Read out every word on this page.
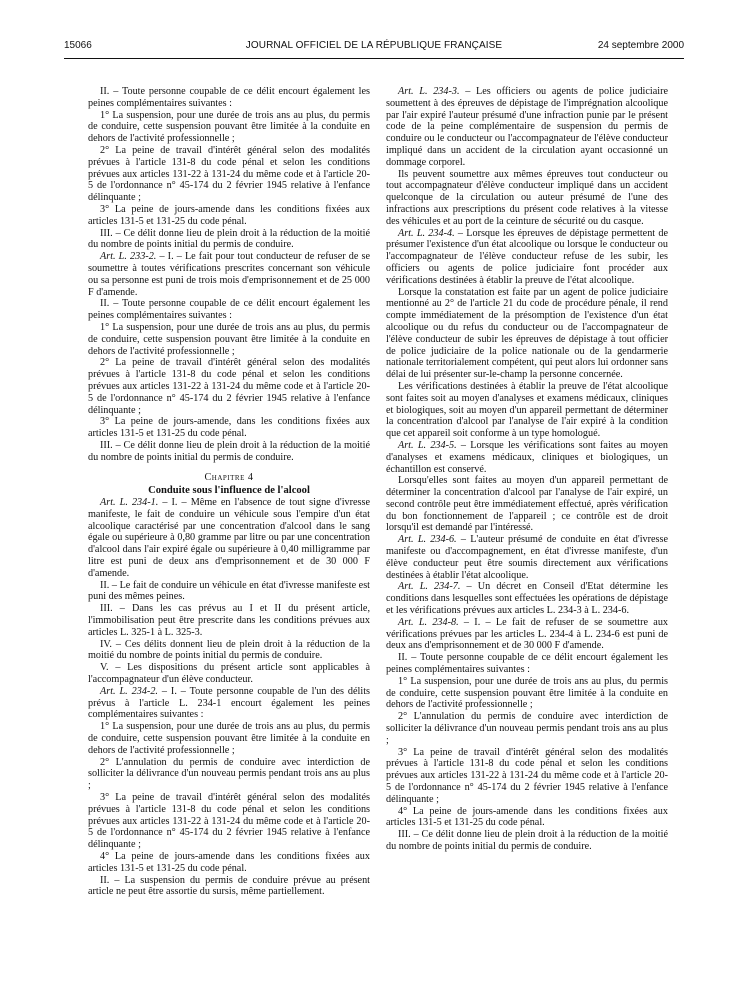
15066	JOURNAL OFFICIEL DE LA RÉPUBLIQUE FRANÇAISE	24 septembre 2000

II. – Toute personne coupable de ce délit encourt également les peines complémentaires suivantes :

1° La suspension, pour une durée de trois ans au plus, du permis de conduire, cette suspension pouvant être limitée à la conduite en dehors de l'activité professionnelle ;

2° La peine de travail d'intérêt général selon des modalités prévues à l'article 131-8 du code pénal et selon les conditions prévues aux articles 131-22 à 131-24 du même code et à l'article 20-5 de l'ordonnance n° 45-174 du 2 février 1945 relative à l'enfance délinquante ;

3° La peine de jours-amende dans les conditions fixées aux articles 131-5 et 131-25 du code pénal.

III. – Ce délit donne lieu de plein droit à la réduction de la moitié du nombre de points initial du permis de conduire.

Art. L. 233-2. – I. – Le fait pour tout conducteur de refuser de se soumettre à toutes vérifications prescrites concernant son véhicule ou sa personne est puni de trois mois d'emprisonnement et de 25 000 F d'amende.

II. – Toute personne coupable de ce délit encourt également les peines complémentaires suivantes :

1° La suspension, pour une durée de trois ans au plus, du permis de conduire, cette suspension pouvant être limitée à la conduite en dehors de l'activité professionnelle ;

2° La peine de travail d'intérêt général selon des modalités prévues à l'article 131-8 du code pénal et selon les conditions prévues aux articles 131-22 à 131-24 du même code et à l'article 20-5 de l'ordonnance n° 45-174 du 2 février 1945 relative à l'enfance délinquante ;

3° La peine de jours-amende, dans les conditions fixées aux articles 131-5 et 131-25 du code pénal.

III. – Ce délit donne lieu de plein droit à la réduction de la moitié du nombre de points initial du permis de conduire.

Chapitre 4

Conduite sous l'influence de l'alcool

Art. L. 234-1. – I. – Même en l'absence de tout signe d'ivresse manifeste, le fait de conduire un véhicule sous l'empire d'un état alcoolique caractérisé par une concentration d'alcool dans le sang égale ou supérieure à 0,80 gramme par litre ou par une concentration d'alcool dans l'air expiré égale ou supérieure à 0,40 milligramme par litre est puni de deux ans d'emprisonnement et de 30 000 F d'amende.

II. – Le fait de conduire un véhicule en état d'ivresse manifeste est puni des mêmes peines.

III. – Dans les cas prévus au I et II du présent article, l'immobilisation peut être prescrite dans les conditions prévues aux articles L. 325-1 à L. 325-3.

IV. – Ces délits donnent lieu de plein droit à la réduction de la moitié du nombre de points initial du permis de conduire.

V. – Les dispositions du présent article sont applicables à l'accompagnateur d'un élève conducteur.

Art. L. 234-2. – I. – Toute personne coupable de l'un des délits prévus à l'article L. 234-1 encourt également les peines complémentaires suivantes :

1° La suspension, pour une durée de trois ans au plus, du permis de conduire, cette suspension pouvant être limitée à la conduite en dehors de l'activité professionnelle ;

2° L'annulation du permis de conduire avec interdiction de solliciter la délivrance d'un nouveau permis pendant trois ans au plus ;

3° La peine de travail d'intérêt général selon des modalités prévues à l'article 131-8 du code pénal et selon les conditions prévues aux articles 131-22 à 131-24 du même code et à l'article 20-5 de l'ordonnance n° 45-174 du 2 février 1945 relative à l'enfance délinquante ;

4° La peine de jours-amende dans les conditions fixées aux articles 131-5 et 131-25 du code pénal.

II. – La suspension du permis de conduire prévue au présent article ne peut être assortie du sursis, même partiellement.

Art. L. 234-3. – Les officiers ou agents de police judiciaire soumettent à des épreuves de dépistage de l'imprégnation alcoolique par l'air expiré l'auteur présumé d'une infraction punie par le présent code de la peine complémentaire de suspension du permis de conduire ou le conducteur ou l'accompagnateur de l'élève conducteur impliqué dans un accident de la circulation ayant occasionné un dommage corporel.

Ils peuvent soumettre aux mêmes épreuves tout conducteur ou tout accompagnateur d'élève conducteur impliqué dans un accident quelconque de la circulation ou auteur présumé de l'une des infractions aux prescriptions du présent code relatives à la vitesse des véhicules et au port de la ceinture de sécurité ou du casque.

Art. L. 234-4. – Lorsque les épreuves de dépistage permettent de présumer l'existence d'un état alcoolique ou lorsque le conducteur ou l'accompagnateur de l'élève conducteur refuse de les subir, les officiers ou agents de police judiciaire font procéder aux vérifications destinées à établir la preuve de l'état alcoolique.

Lorsque la constatation est faite par un agent de police judiciaire mentionné au 2° de l'article 21 du code de procédure pénale, il rend compte immédiatement de la présomption de l'existence d'un état alcoolique ou du refus du conducteur ou de l'accompagnateur de l'élève conducteur de subir les épreuves de dépistage à tout officier de police judiciaire de la police nationale ou de la gendarmerie nationale territorialement compétent, qui peut alors lui ordonner sans délai de lui présenter sur-le-champ la personne concernée.

Les vérifications destinées à établir la preuve de l'état alcoolique sont faites soit au moyen d'analyses et examens médicaux, cliniques et biologiques, soit au moyen d'un appareil permettant de déterminer la concentration d'alcool par l'analyse de l'air expiré à la condition que cet appareil soit conforme à un type homologué.

Art. L. 234-5. – Lorsque les vérifications sont faites au moyen d'analyses et examens médicaux, cliniques et biologiques, un échantillon est conservé.

Lorsqu'elles sont faites au moyen d'un appareil permettant de déterminer la concentration d'alcool par l'analyse de l'air expiré, un second contrôle peut être immédiatement effectué, après vérification du bon fonctionnement de l'appareil ; ce contrôle est de droit lorsqu'il est demandé par l'intéressé.

Art. L. 234-6. – L'auteur présumé de conduite en état d'ivresse manifeste ou d'accompagnement, en état d'ivresse manifeste, d'un élève conducteur peut être soumis directement aux vérifications destinées à établir l'état alcoolique.

Art. L. 234-7. – Un décret en Conseil d'Etat détermine les conditions dans lesquelles sont effectuées les opérations de dépistage et les vérifications prévues aux articles L. 234-3 à L. 234-6.

Art. L. 234-8. – I. – Le fait de refuser de se soumettre aux vérifications prévues par les articles L. 234-4 à L. 234-6 est puni de deux ans d'emprisonnement et de 30 000 F d'amende.

II. – Toute personne coupable de ce délit encourt également les peines complémentaires suivantes :

1° La suspension, pour une durée de trois ans au plus, du permis de conduire, cette suspension pouvant être limitée à la conduite en dehors de l'activité professionnelle ;

2° L'annulation du permis de conduire avec interdiction de solliciter la délivrance d'un nouveau permis pendant trois ans au plus ;

3° La peine de travail d'intérêt général selon des modalités prévues à l'article 131-8 du code pénal et selon les conditions prévues aux articles 131-22 à 131-24 du même code et à l'article 20-5 de l'ordonnance n° 45-174 du 2 février 1945 relative à l'enfance délinquante ;

4° La peine de jours-amende dans les conditions fixées aux articles 131-5 et 131-25 du code pénal.

III. – Ce délit donne lieu de plein droit à la réduction de la moitié du nombre de points initial du permis de conduire.
